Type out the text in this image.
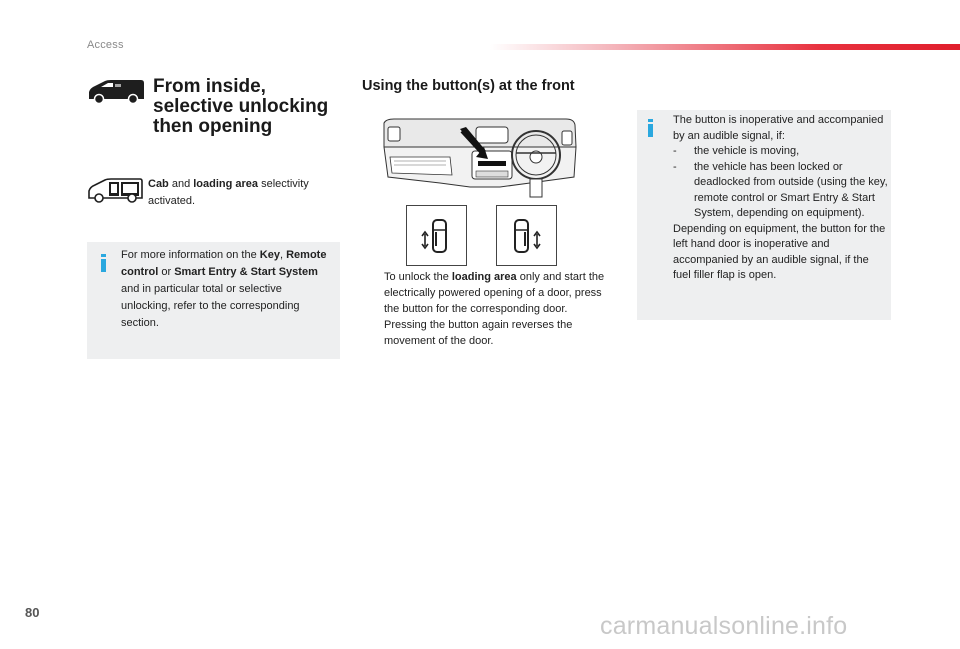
Access
From inside,
selective unlocking
then opening
Cab and loading area selectivity activated.
For more information on the Key, Remote control or Smart Entry & Start System and in particular total or selective unlocking, refer to the corresponding section.
Using the button(s) at the front
To unlock the loading area only and start the electrically powered opening of a door, press the button for the corresponding door.
Pressing the button again reverses the movement of the door.
The button is inoperative and accompanied by an audible signal, if:
-	the vehicle is moving,
-	the vehicle has been locked or deadlocked from outside (using the key, remote control or Smart Entry & Start System, depending on equipment).
Depending on equipment, the button for the left hand door is inoperative and accompanied by an audible signal, if the fuel filler flap is open.
80	carmanualsonline.info
